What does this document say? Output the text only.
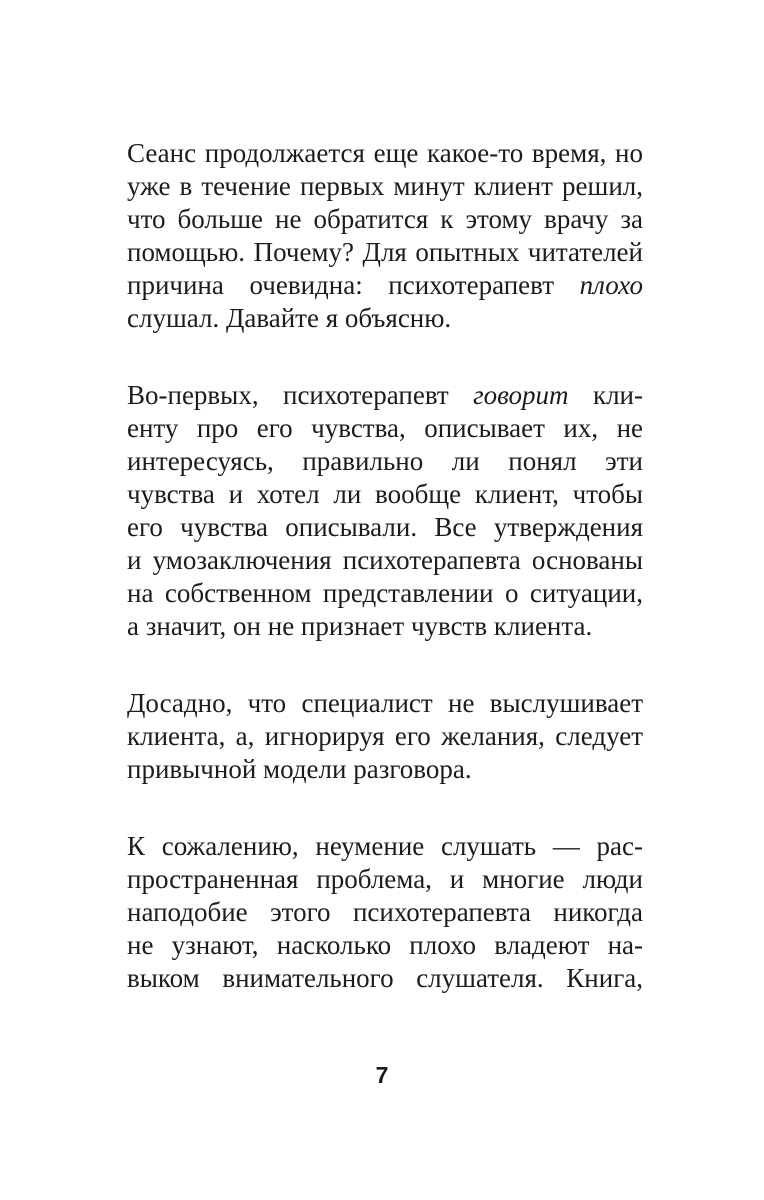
Сеанс продолжается еще какое-то время, но
уже в течение первых минут клиент решил,
что больше не обратится к этому врачу за
помощью. Почему? Для опытных читателей
причина очевидна: психотерапевт плохо
слушал. Давайте я объясню.
Во-первых, психотерапевт говорит кли-
енту про его чувства, описывает их, не
интересуясь, правильно ли понял эти
чувства и хотел ли вообще клиент, чтобы
его чувства описывали. Все утверждения
и умозаключения психотерапевта основаны
на собственном представлении о ситуации,
а значит, он не признает чувств клиента.
Досадно, что специалист не выслушивает
клиента, а, игнорируя его желания, следует
привычной модели разговора.
К сожалению, неумение слушать — рас-
пространенная проблема, и многие люди
наподобие этого психотерапевта никогда
не узнают, насколько плохо владеют на-
выком внимательного слушателя. Книга,
7
